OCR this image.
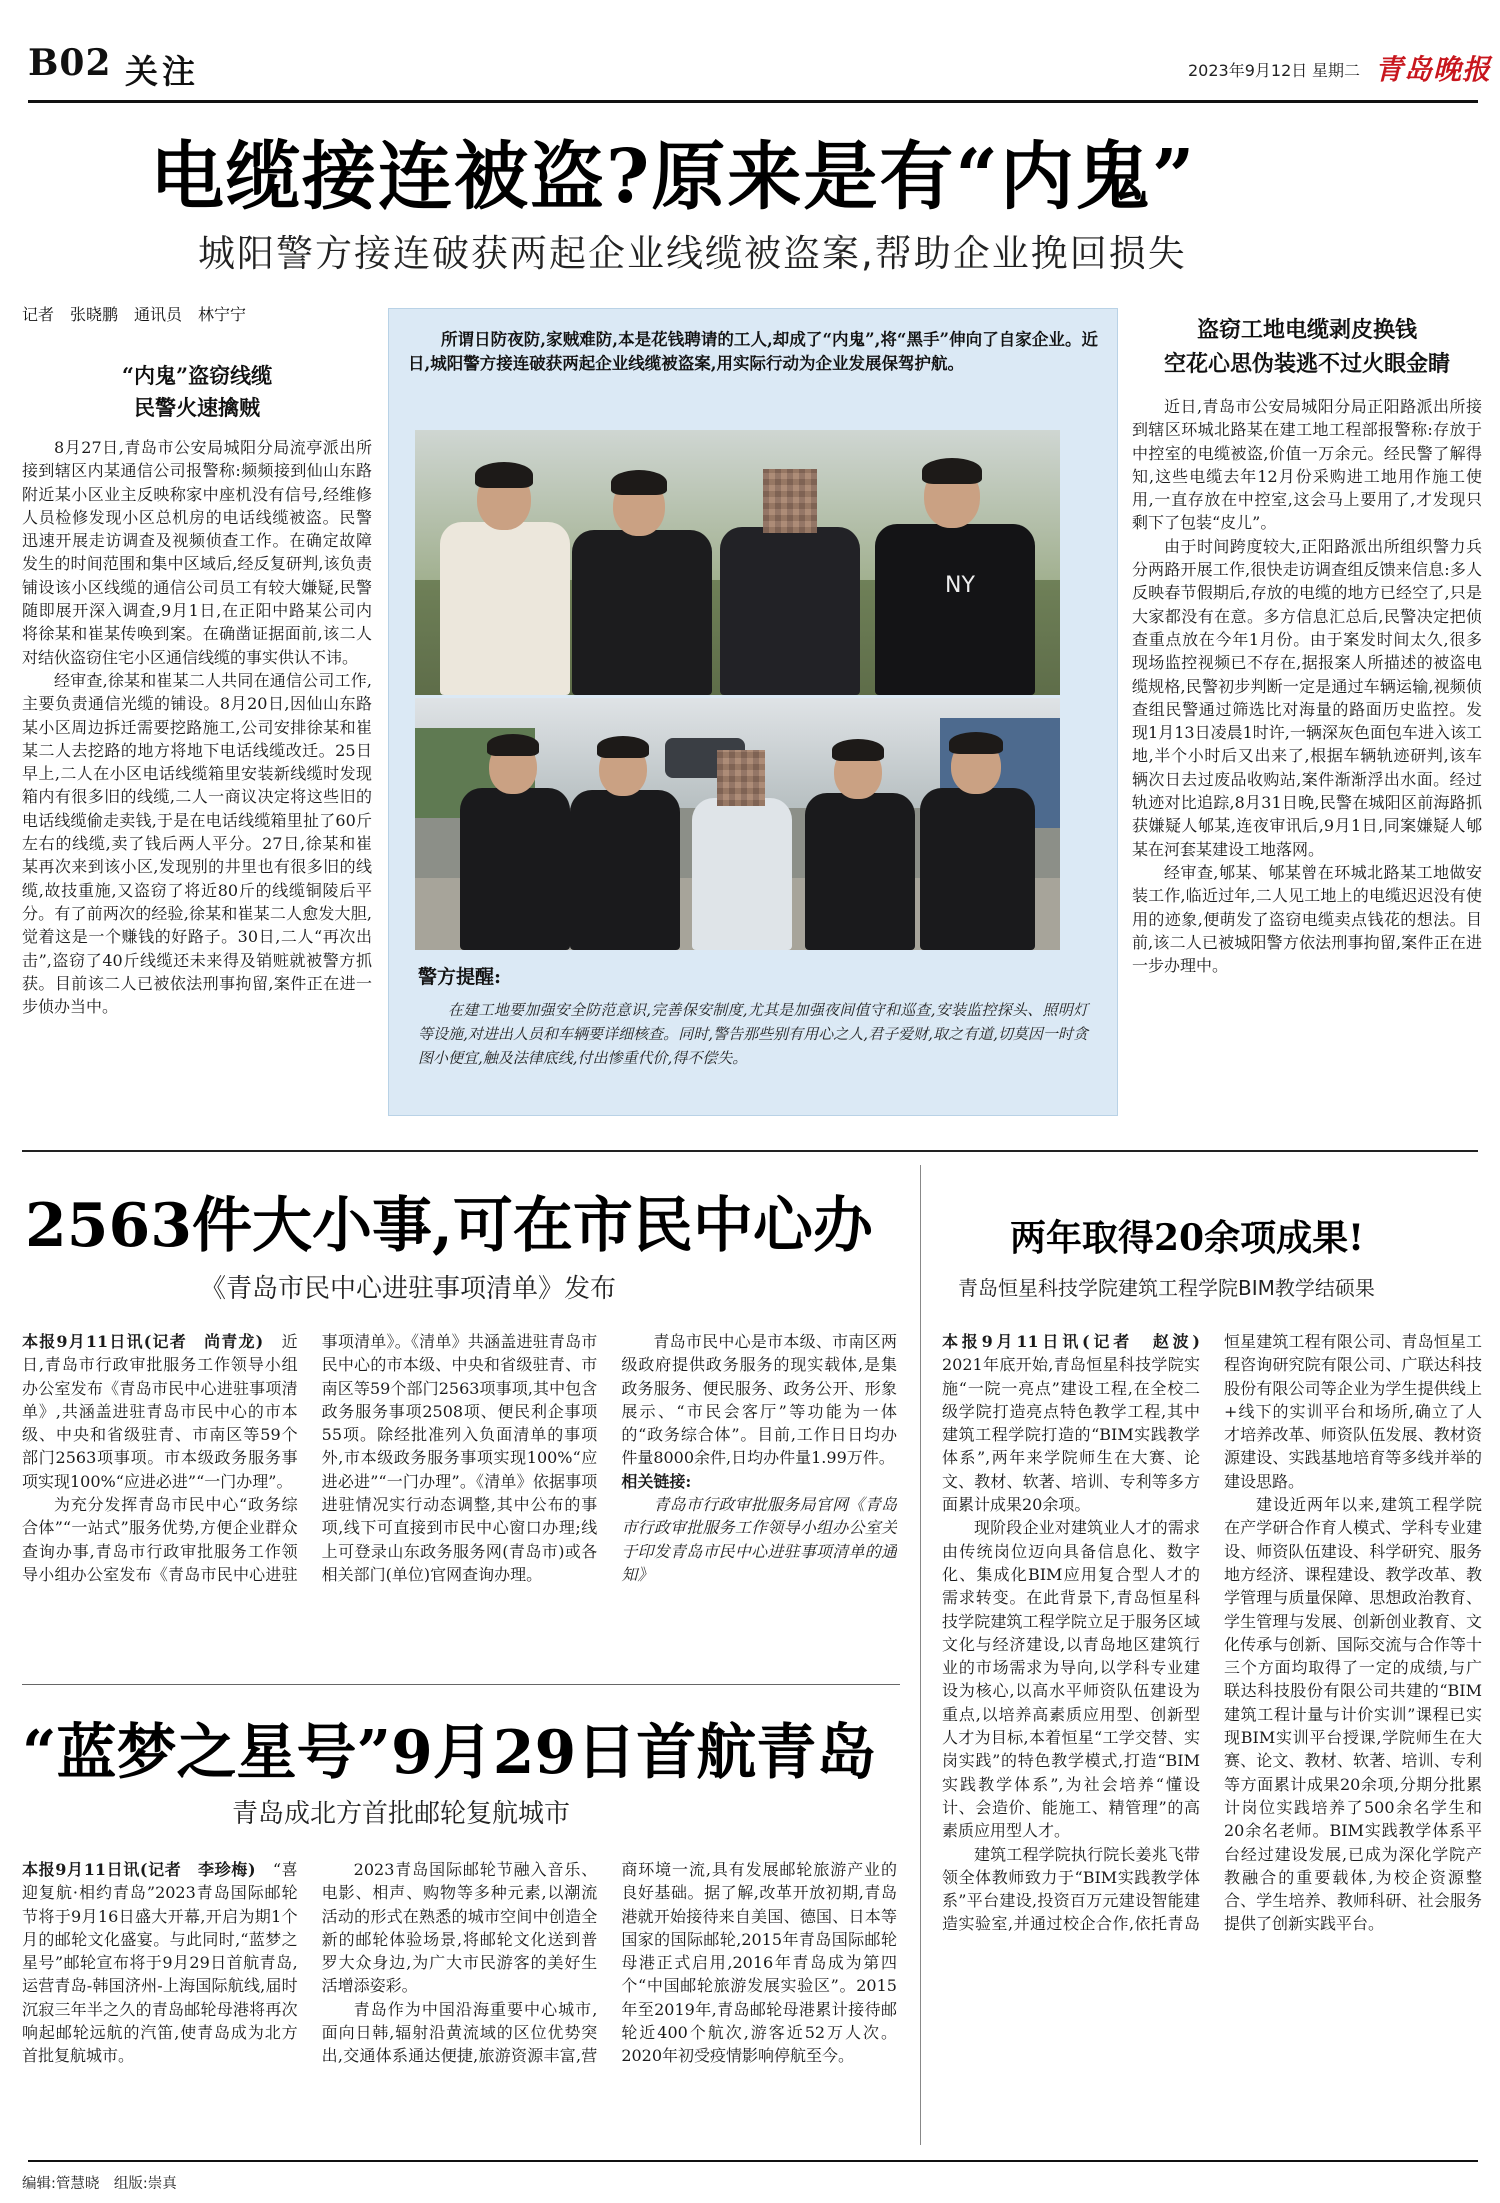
B02 关注	2023年9月12日 星期二 青岛晚报
电缆接连被盗?原来是有“内鬼”
城阳警方接连破获两起企业线缆被盗案,帮助企业挽回损失
记者　张晓鹏　通讯员　林宁宁
“内鬼”盗窃线缆
民警火速擒贼

8月27日,青岛市公安局城阳分局流亭派出所接到辖区内某通信公司报警称:频频接到仙山东路附近某小区业主反映称家中座机没有信号,经维修人员检修发现小区总机房的电话线缆被盗。民警迅速开展走访调查及视频侦查工作。在确定故障发生的时间范围和集中区域后,经反复研判,该负责铺设该小区线缆的通信公司员工有较大嫌疑,民警随即展开深入调查,9月1日,在正阳中路某公司内将徐某和崔某传唤到案。在确凿证据面前,该二人对结伙盗窃住宅小区通信线缆的事实供认不讳。

经审查,徐某和崔某二人共同在通信公司工作,主要负责通信光缆的铺设。8月20日,因仙山东路某小区周边拆迁需要挖路施工,公司安排徐某和崔某二人去挖路的地方将地下电话线缆改迁。25日早上,二人在小区电话线缆箱里安装新线缆时发现箱内有很多旧的线缆,二人一商议决定将这些旧的电话线缆偷走卖钱,于是在电话线缆箱里扯了60斤左右的线缆,卖了钱后两人平分。27日,徐某和崔某再次来到该小区,发现别的井里也有很多旧的线缆,故技重施,又盗窃了将近80斤的线缆铜陵后平分。有了前两次的经验,徐某和崔某二人愈发大胆,觉着这是一个赚钱的好路子。30日,二人“再次出击”,盗窃了40斤线缆还未来得及销赃就被警方抓获。目前该二人已被依法刑事拘留,案件正在进一步侦办当中。

所谓日防夜防,家贼难防,本是花钱聘请的工人,却成了“内鬼”,将“黑手”伸向了自家企业。近日,城阳警方接连破获两起企业线缆被盗案,用实际行动为企业发展保驾护航。

NY
警方提醒:

在建工地要加强安全防范意识,完善保安制度,尤其是加强夜间值守和巡查,安装监控探头、照明灯等设施,对进出人员和车辆要详细核查。同时,警告那些别有用心之人,君子爱财,取之有道,切莫因一时贪图小便宜,触及法律底线,付出惨重代价,得不偿失。

盗窃工地电缆剥皮换钱
空花心思伪装逃不过火眼金睛

近日,青岛市公安局城阳分局正阳路派出所接到辖区环城北路某在建工地工程部报警称:存放于中控室的电缆被盗,价值一万余元。经民警了解得知,这些电缆去年12月份采购进工地用作施工使用,一直存放在中控室,这会马上要用了,才发现只剩下了包装“皮儿”。

由于时间跨度较大,正阳路派出所组织警力兵分两路开展工作,很快走访调查组反馈来信息:多人反映春节假期后,存放的电缆的地方已经空了,只是大家都没有在意。多方信息汇总后,民警决定把侦查重点放在今年1月份。由于案发时间太久,很多现场监控视频已不存在,据报案人所描述的被盗电缆规格,民警初步判断一定是通过车辆运输,视频侦查组民警通过筛选比对海量的路面历史监控。发现1月13日凌晨1时许,一辆深灰色面包车进入该工地,半个小时后又出来了,根据车辆轨迹研判,该车辆次日去过废品收购站,案件渐渐浮出水面。经过轨迹对比追踪,8月31日晚,民警在城阳区前海路抓获嫌疑人郇某,连夜审讯后,9月1日,同案嫌疑人郇某在河套某建设工地落网。

经审查,郇某、郇某曾在环城北路某工地做安装工作,临近过年,二人见工地上的电缆迟迟没有使用的迹象,便萌发了盗窃电缆卖点钱花的想法。目前,该二人已被城阳警方依法刑事拘留,案件正在进一步办理中。

2563件大小事,可在市民中心办
《青岛市民中心进驻事项清单》发布

本报9月11日讯(记者　尚青龙)　 近日,青岛市行政审批服务工作领导小组办公室发布《青岛市民中心进驻事项清单》,共涵盖进驻青岛市民中心的市本级、中央和省级驻青、市南区等59个部门2563项事项。市本级政务服务事项实现100%“应进必进”“一门办理”。

为充分发挥青岛市民中心“政务综合体”“一站式”服务优势,方便企业群众查询办事,青岛市行政审批服务工作领导小组办公室发布《青岛市民中心进驻事项清单》。《清单》共涵盖进驻青岛市民中心的市本级、中央和省级驻青、市南区等59个部门2563项事项,其中包含政务服务事项2508项、便民利企事项55项。除经批准列入负面清单的事项外,市本级政务服务事项实现100%“应进必进”“一门办理”。《清单》依据事项进驻情况实行动态调整,其中公布的事项,线下可直接到市民中心窗口办理;线上可登录山东政务服务网(青岛市)或各相关部门(单位)官网查询办理。

青岛市民中心是市本级、市南区两级政府提供政务服务的现实载体,是集政务服务、便民服务、政务公开、形象展示、“市民会客厅”等功能为一体的“政务综合体”。目前,工作日日均办件量8000余件,日均办件量1.99万件。

相关链接:

青岛市行政审批服务局官网《青岛市行政审批服务工作领导小组办公室关于印发青岛市民中心进驻事项清单的通知》

两年取得20余项成果!
青岛恒星科技学院建筑工程学院BIM教学结硕果

本报9月11日讯(记者　赵波)　2021年底开始,青岛恒星科技学院实施“一院一亮点”建设工程,在全校二级学院打造亮点特色教学工程,其中建筑工程学院打造的“BIM实践教学体系”,两年来学院师生在大赛、论文、教材、软著、培训、专利等多方面累计成果20余项。

现阶段企业对建筑业人才的需求由传统岗位迈向具备信息化、数字化、集成化BIM应用复合型人才的需求转变。在此背景下,青岛恒星科技学院建筑工程学院立足于服务区域文化与经济建设,以青岛地区建筑行业的市场需求为导向,以学科专业建设为核心,以高水平师资队伍建设为重点,以培养高素质应用型、创新型人才为目标,本着恒星“工学交替、实岗实践”的特色教学模式,打造“BIM实践教学体系”,为社会培养“懂设计、会造价、能施工、精管理”的高素质应用型人才。

建筑工程学院执行院长姜兆飞带领全体教师致力于“BIM实践教学体系”平台建设,投资百万元建设智能建造实验室,并通过校企合作,依托青岛恒星建筑工程有限公司、青岛恒星工程咨询研究院有限公司、广联达科技股份有限公司等企业为学生提供线上+线下的实训平台和场所,确立了人才培养改革、师资队伍发展、教材资源建设、实践基地培育等多线并举的建设思路。

建设近两年以来,建筑工程学院在产学研合作育人模式、学科专业建设、师资队伍建设、科学研究、服务地方经济、课程建设、教学改革、教学管理与质量保障、思想政治教育、学生管理与发展、创新创业教育、文化传承与创新、国际交流与合作等十三个方面均取得了一定的成绩,与广联达科技股份有限公司共建的“BIM建筑工程计量与计价实训”课程已实现BIM实训平台授课,学院师生在大赛、论文、教材、软著、培训、专利等方面累计成果20余项,分期分批累计岗位实践培养了500余名学生和20余名老师。BIM实践教学体系平台经过建设发展,已成为深化学院产教融合的重要载体,为校企资源整合、学生培养、教师科研、社会服务提供了创新实践平台。

“蓝梦之星号”9月29日首航青岛
青岛成北方首批邮轮复航城市

本报9月11日讯(记者　李珍梅)　 “喜迎复航·相约青岛”2023青岛国际邮轮节将于9月16日盛大开幕,开启为期1个月的邮轮文化盛宴。与此同时,“蓝梦之星号”邮轮宣布将于9月29日首航青岛,运营青岛-韩国济州-上海国际航线,届时沉寂三年半之久的青岛邮轮母港将再次响起邮轮远航的汽笛,使青岛成为北方首批复航城市。

2023青岛国际邮轮节融入音乐、电影、相声、购物等多种元素,以潮流活动的形式在熟悉的城市空间中创造全新的邮轮体验场景,将邮轮文化送到普罗大众身边,为广大市民游客的美好生活增添姿彩。

青岛作为中国沿海重要中心城市,面向日韩,辐射沿黄流域的区位优势突出,交通体系通达便捷,旅游资源丰富,营商环境一流,具有发展邮轮旅游产业的良好基础。据了解,改革开放初期,青岛港就开始接待来自美国、德国、日本等国家的国际邮轮,2015年青岛国际邮轮母港正式启用,2016年青岛成为第四个“中国邮轮旅游发展实验区”。2015年至2019年,青岛邮轮母港累计接待邮轮近400个航次,游客近52万人次。2020年初受疫情影响停航至今。

编辑:管慧晓　组版:崇真
